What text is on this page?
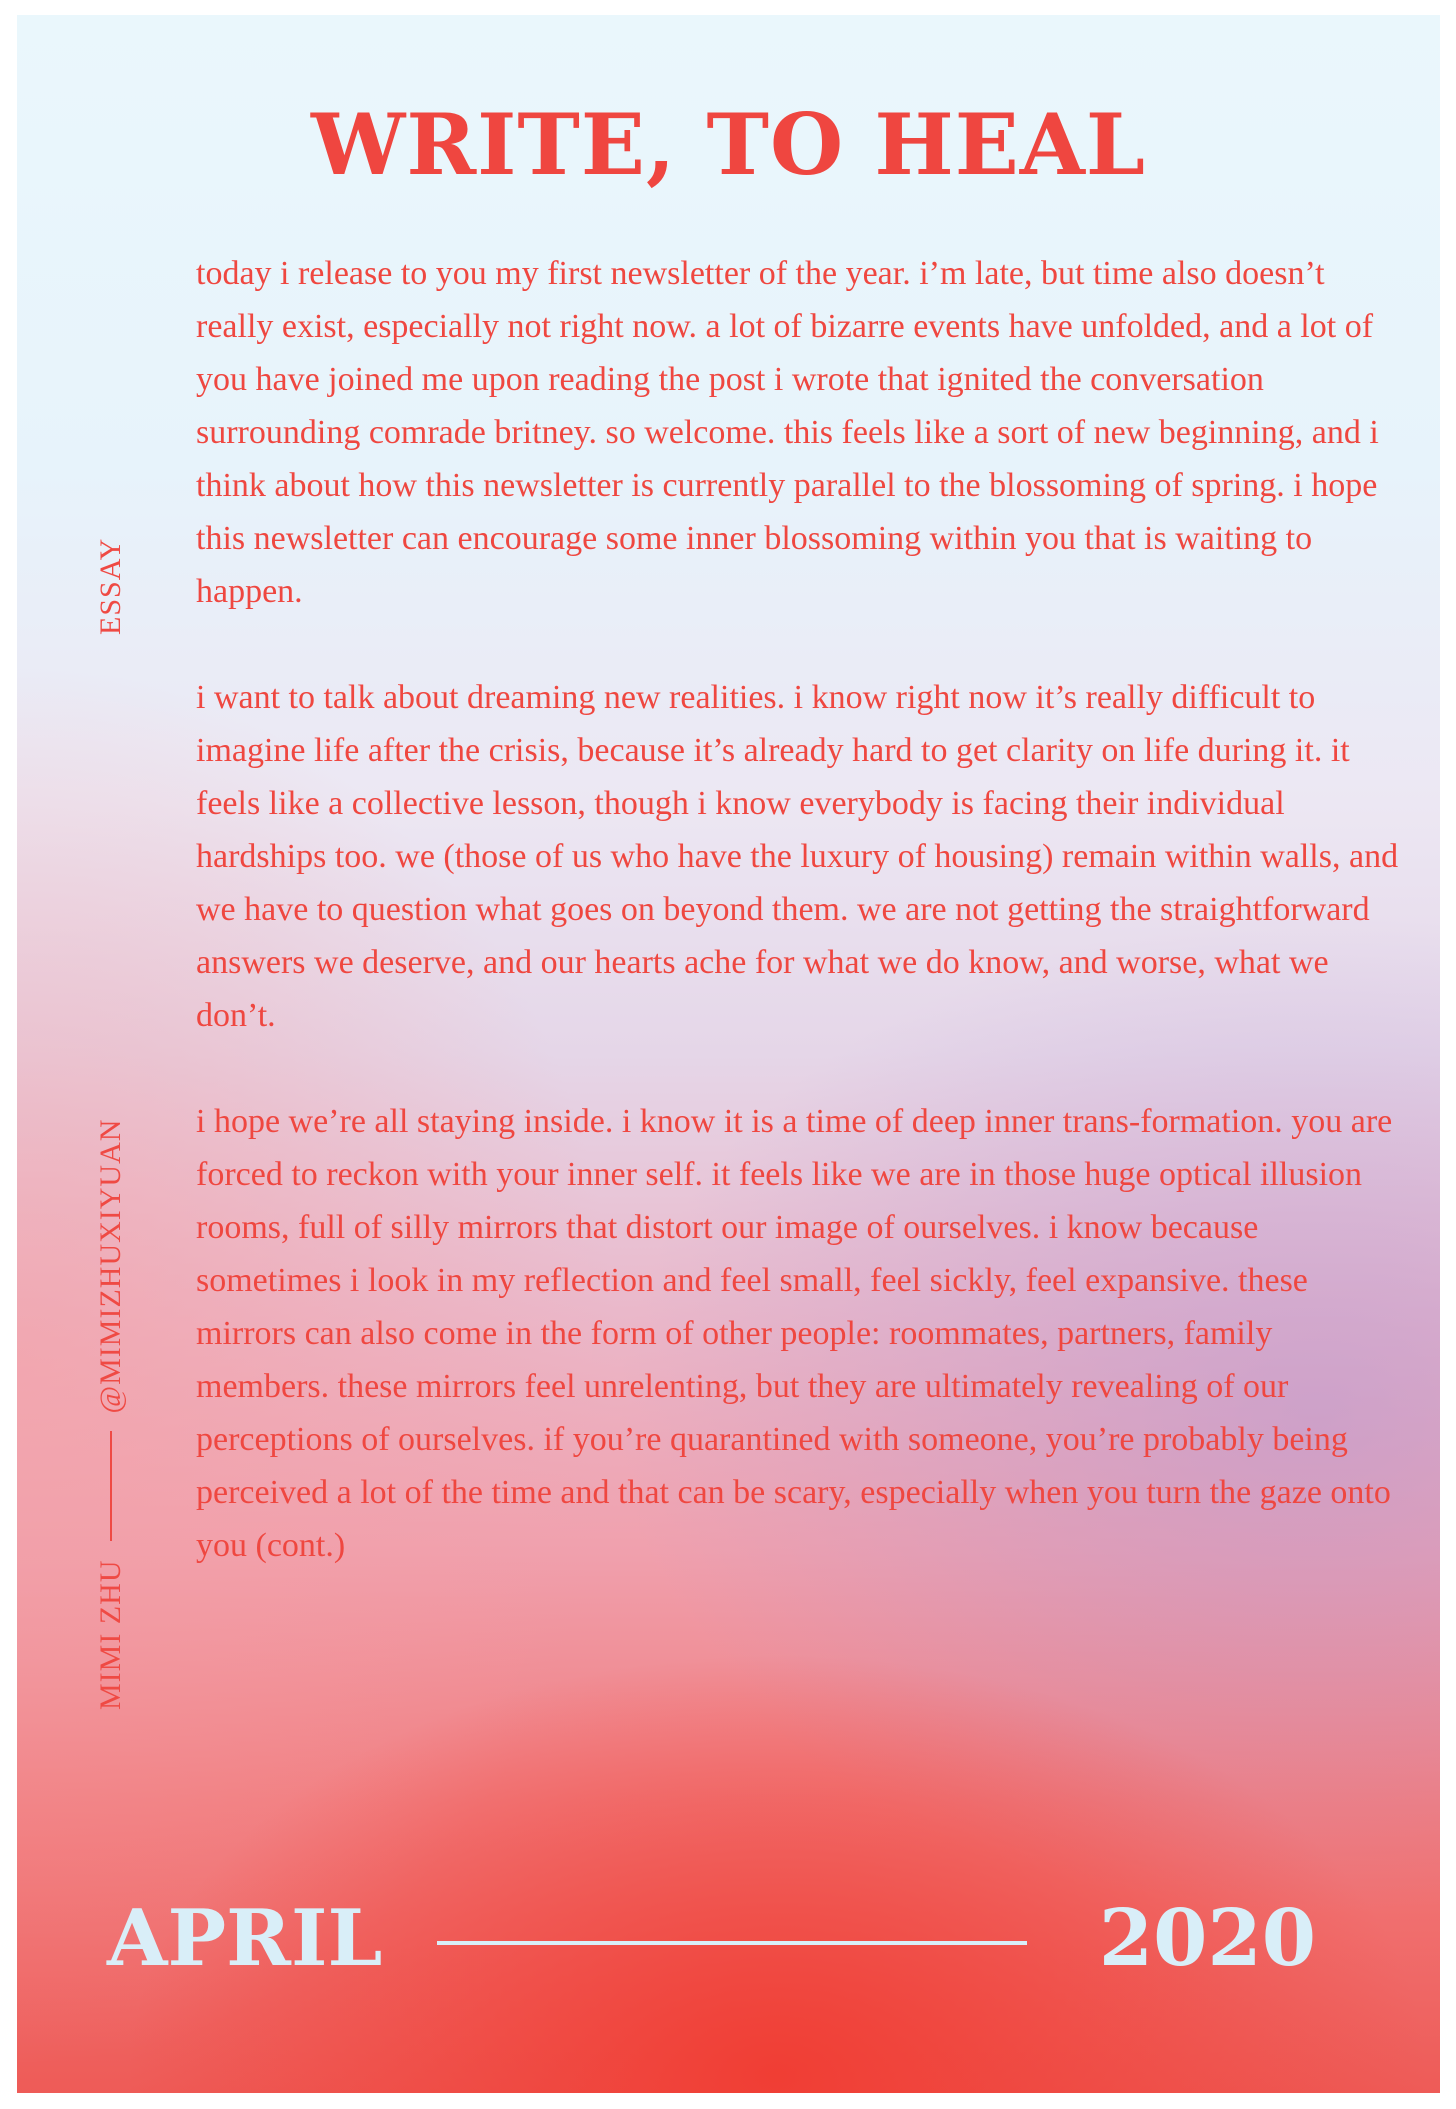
WRITE, TO HEAL
ESSAY
MIMI ZHU
@MIMIZHUXIYUAN

today i release to you my first newsletter of the year. i’m late, but time also doesn’t really exist, especially not right now. a lot of bizarre events have unfolded, and a lot of you have joined me upon reading the post i wrote that ignited the conversation surrounding comrade britney. so welcome. this feels like a sort of new beginning, and i think about how this newsletter is currently parallel to the blossoming of spring. i hope this newsletter can encourage some inner blossoming within you that is waiting to happen.

i want to talk about dreaming new realities. i know right now it’s really difficult to imagine life after the crisis, because it’s already hard to get clarity on life during it. it feels like a collective lesson, though i know everybody is facing their individual hardships too. we (those of us who have the luxury of housing) remain within walls, and we have to question what goes on beyond them. we are not getting the straightforward answers we deserve, and our hearts ache for what we do know, and worse, what we don’t.

i hope we’re all staying inside. i know it is a time of deep inner trans-formation. you are forced to reckon with your inner self. it feels like we are in those huge optical illusion rooms, full of silly mirrors that distort our image of ourselves. i know because sometimes i look in my reflection and feel small, feel sickly, feel expansive. these mirrors can also come in the form of other people: roommates, partners, family members. these mirrors feel unrelenting, but they are ultimately revealing of our perceptions of ourselves. if you’re quarantined with someone, you’re probably being perceived a lot of the time and that can be scary, especially when you turn the gaze onto you (cont.)

APRIL	2020
